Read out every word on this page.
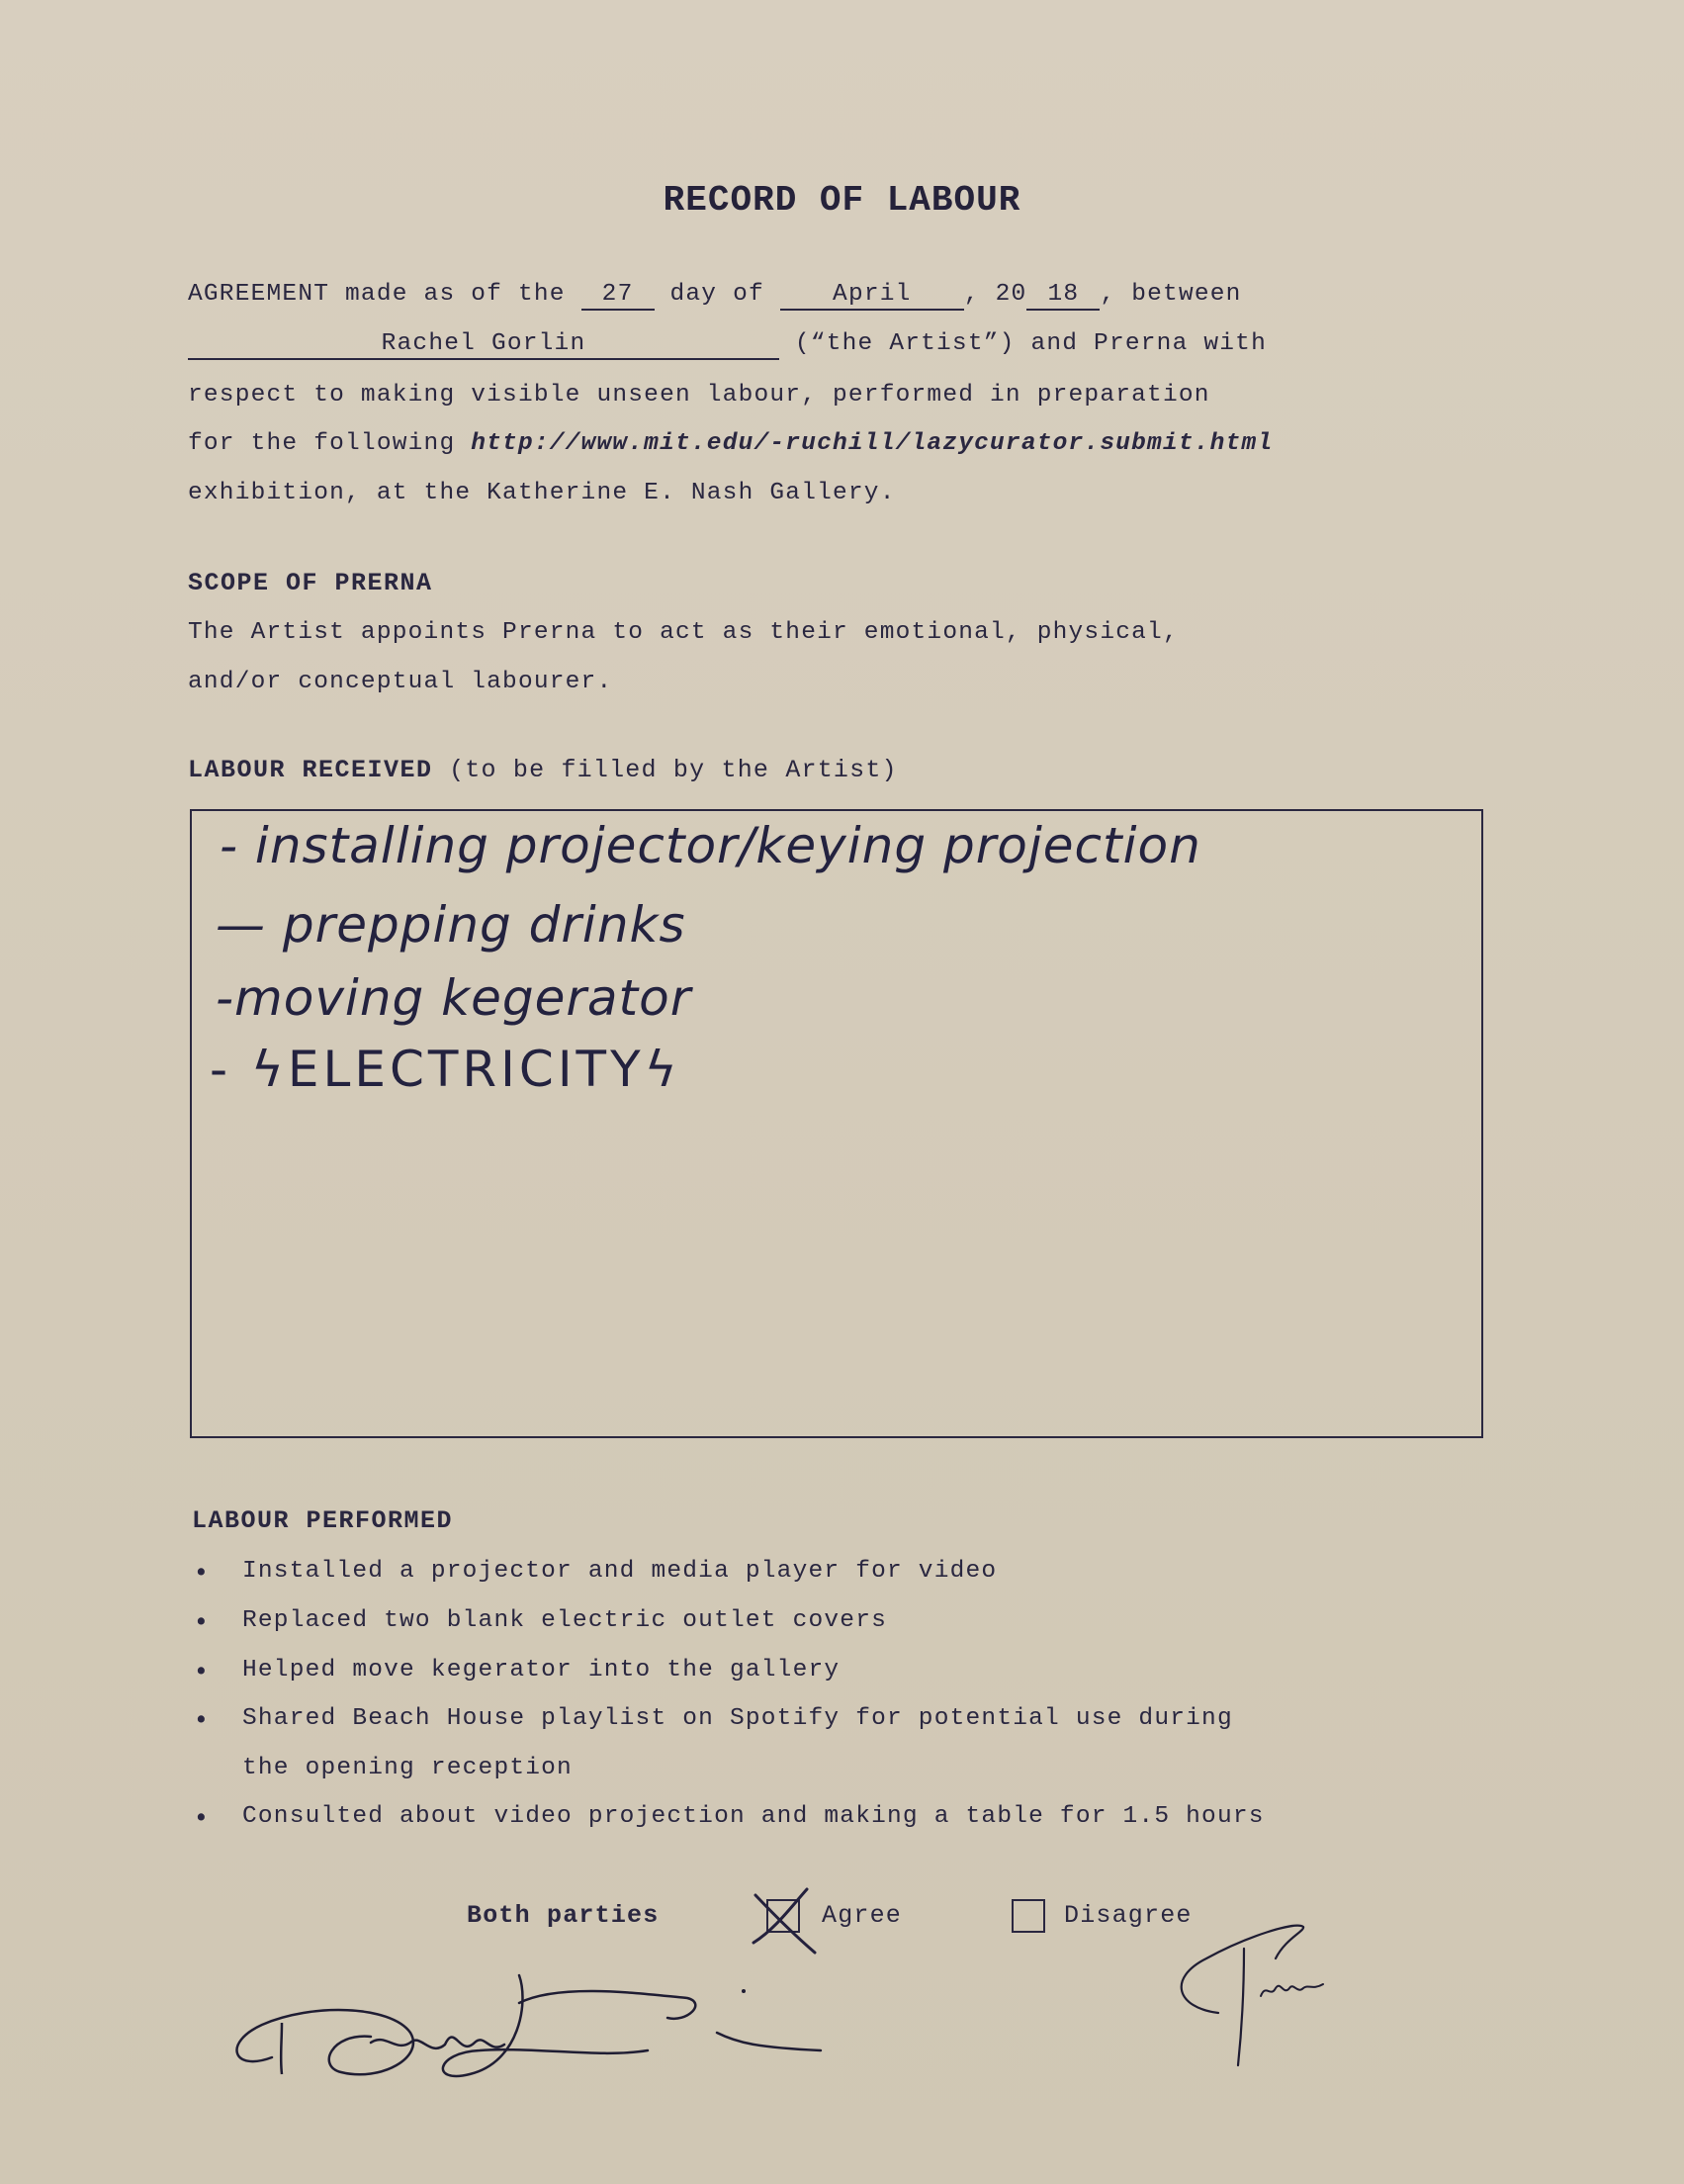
RECORD OF LABOUR
AGREEMENT made as of the 27 day of	April , 20 18 , between
Rachel Gorlin	(“the Artist”) and Prerna with
respect to making visible unseen labour, performed in preparation
for the following http://www.mit.edu/-ruchill/lazycurator.submit.html
exhibition, at the Katherine E. Nash Gallery.
SCOPE OF PRERNA
The Artist appoints Prerna to act as their emotional, physical,
and/or conceptual labourer.
LABOUR RECEIVED (to be filled by the Artist)
- installing projector/keying projection
— prepping drinks
-moving kegerator
- ϟELECTRICITYϟ
LABOUR PERFORMED
• Installed a projector and media player for video
• Replaced two blank electric outlet covers
• Helped move kegerator into the gallery
• Shared Beach House playlist on Spotify for potential use during
the opening reception
• Consulted about video projection and making a table for 1.5 hours
Both parties	Agree	Disagree
